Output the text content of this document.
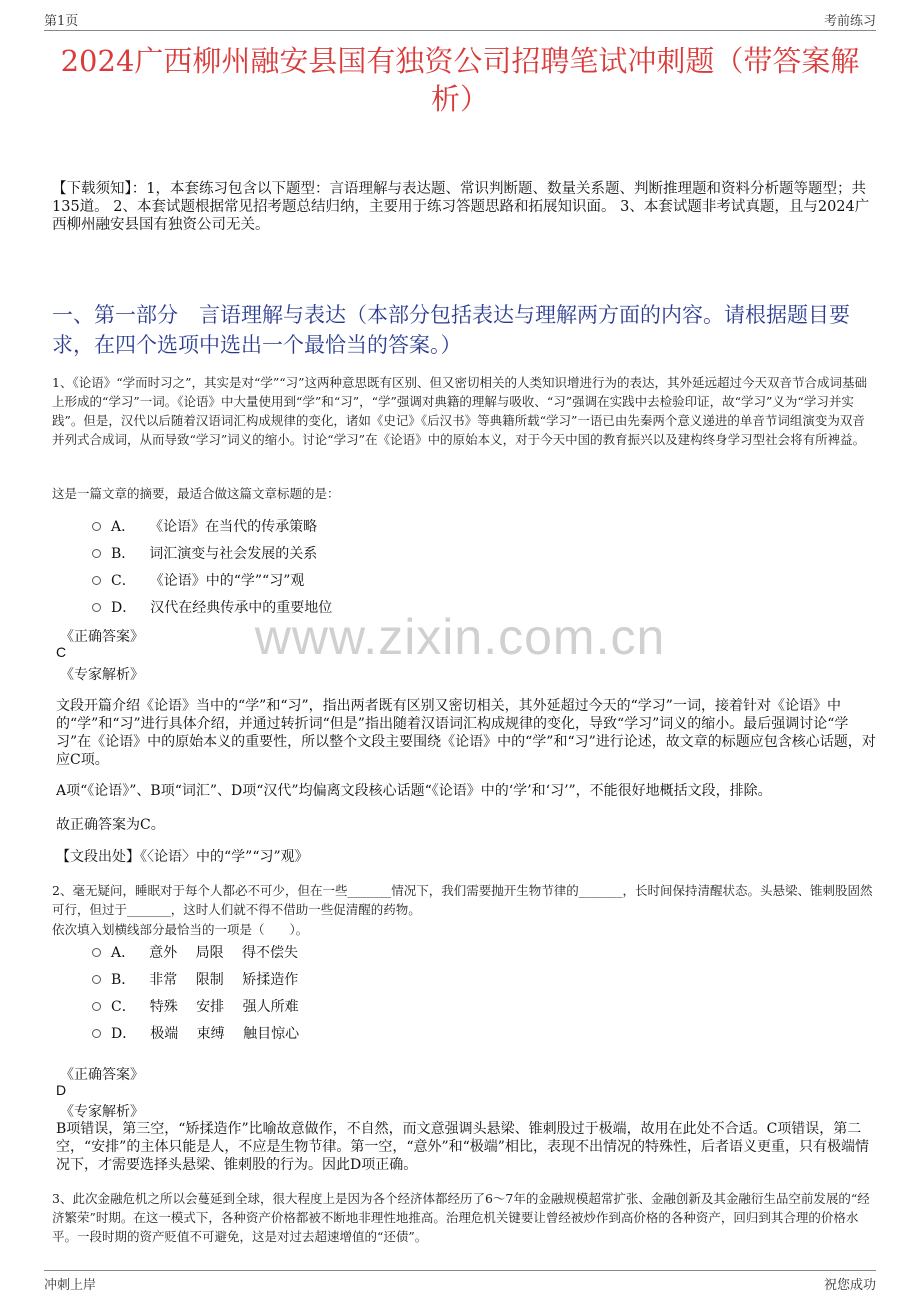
第1页	考前练习
2024广西柳州融安县国有独资公司招聘笔试冲刺题（带答案解析）
【下载须知】：1，本套练习包含以下题型：言语理解与表达题、常识判断题、数量关系题、判断推理题和资料分析题等题型；共135道。 2、本套试题根据常见招考题总结归纳，主要用于练习答题思路和拓展知识面。 3、本套试题非考试真题，且与2024广西柳州融安县国有独资公司无关。
一、第一部分　言语理解与表达（本部分包括表达与理解两方面的内容。请根据题目要求，在四个选项中选出一个最恰当的答案。）
1、《论语》“学而时习之”，其实是对“学”“习”这两种意思既有区别、但又密切相关的人类知识增进行为的表达，其外延远超过今天双音节合成词基础上形成的“学习”一词。《论语》中大量使用到“学”和“习”，“学”强调对典籍的理解与吸收、“习”强调在实践中去检验印证，故“学习”义为“学习并实践”。但是，汉代以后随着汉语词汇构成规律的变化，诸如《史记》《后汉书》等典籍所载“学习”一语已由先秦两个意义递进的单音节词组演变为双音并列式合成词，从而导致“学习”词义的缩小。讨论“学习”在《论语》中的原始本义，对于今天中国的教育振兴以及建构终身学习型社会将有所裨益。
这是一篇文章的摘要，最适合做这篇文章标题的是：
A． 《论语》在当代的传承策略
B． 词汇演变与社会发展的关系
C． 《论语》中的“学”“习”观
D． 汉代在经典传承中的重要地位
www.zixin.com.cn
《正确答案》
C
《专家解析》
文段开篇介绍《论语》当中的“学”和“习”，指出两者既有区别又密切相关，其外延超过今天的“学习”一词，接着针对《论语》中的“学”和“习”进行具体介绍，并通过转折词“但是”指出随着汉语词汇构成规律的变化，导致“学习”词义的缩小。最后强调讨论“学习”在《论语》中的原始本义的重要性，所以整个文段主要围绕《论语》中的“学”和“习”进行论述，故文章的标题应包含核心话题，对应C项。
A项“《论语》”、B项“词汇”、D项“汉代”均偏离文段核心话题“《论语》中的‘学’和‘习’”，不能很好地概括文段，排除。
故正确答案为C。
【文段出处】《〈论语〉中的“学”“习”观》
2、毫无疑问，睡眠对于每个人都必不可少，但在一些_______情况下，我们需要抛开生物节律的_______，长时间保持清醒状态。头悬梁、锥刺股固然可行，但过于_______，这时人们就不得不借助一些促清醒的药物。
依次填入划横线部分最恰当的一项是（　　）。
A． 意外　 局限　 得不偿失
B． 非常　 限制　 矫揉造作
C． 特殊　 安排　 强人所难
D． 极端　 束缚　 触目惊心
《正确答案》
D
《专家解析》
B项错误，第三空，“矫揉造作”比喻故意做作，不自然，而文意强调头悬梁、锥刺股过于极端，故用在此处不合适。C项错误，第二空，“安排”的主体只能是人，不应是生物节律。第一空，“意外”和“极端”相比，表现不出情况的特殊性，后者语义更重，只有极端情况下，才需要选择头悬梁、锥刺股的行为。因此D项正确。
3、此次金融危机之所以会蔓延到全球，很大程度上是因为各个经济体都经历了6～7年的金融规模超常扩张、金融创新及其金融衍生品空前发展的“经济繁荣”时期。在这一模式下，各种资产价格都被不断地非理性地推高。治理危机关键要让曾经被炒作到高价格的各种资产，回归到其合理的价格水平。一段时期的资产贬值不可避免，这是对过去超速增值的“还债”。
冲刺上岸	祝您成功
